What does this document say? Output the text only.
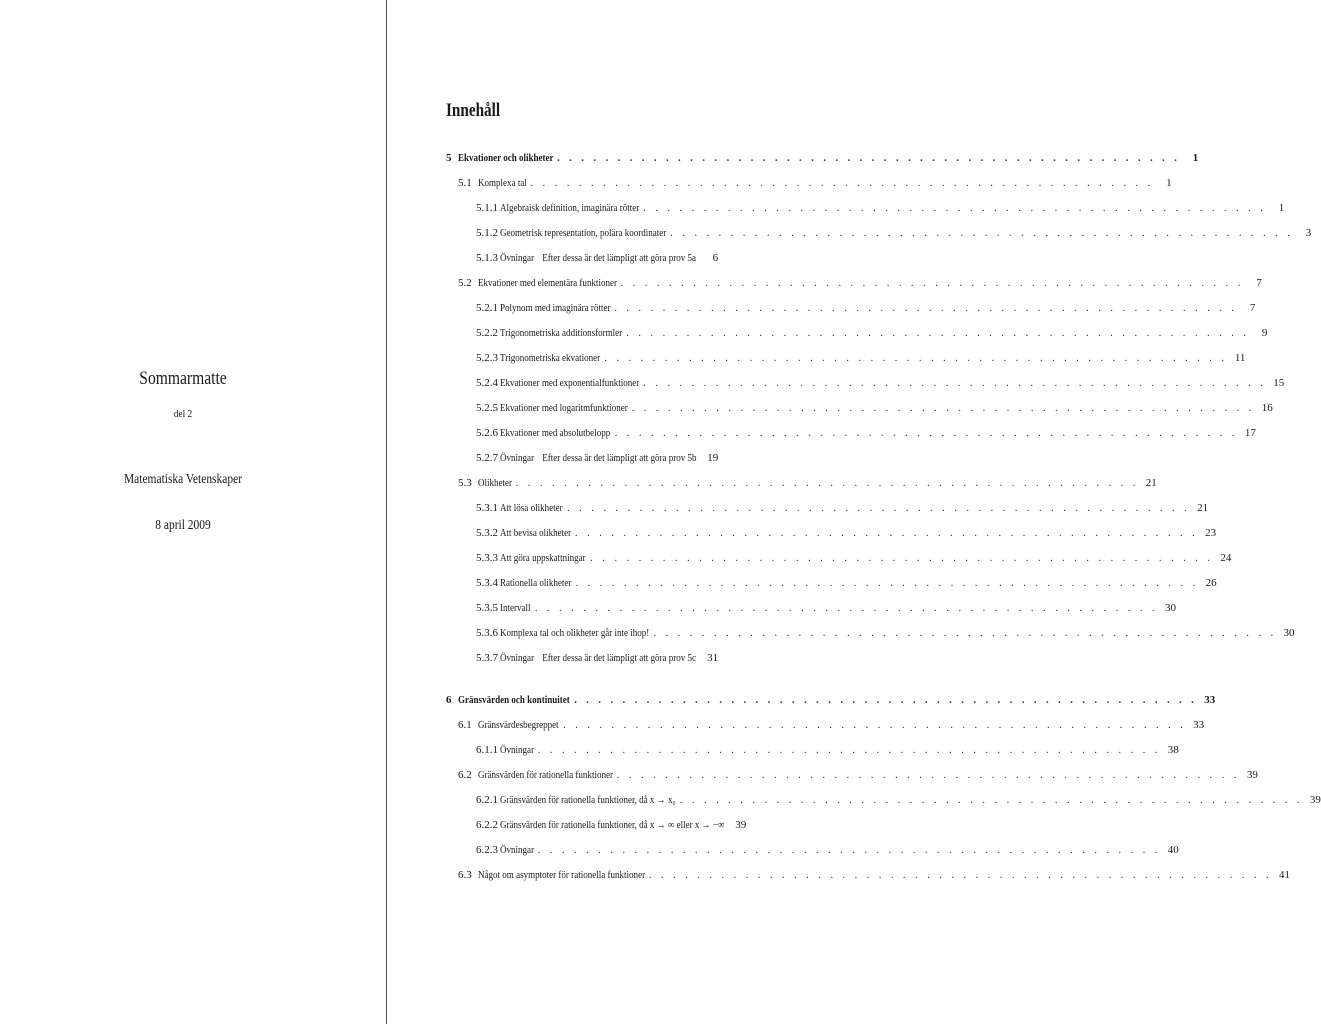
Sommarmatte
del 2
Matematiska Vetenskaper
8 april 2009
Innehåll
5 Ekvationer och olikheter . . . . . . . . . . . . . . . . . . . . . . . . . . . . . . . . . . . . . . . . . . . . . . . . . . . .	1
5.1 Komplexa tal . . . . . . . . . . . . . . . . . . . . . . . . . . . . . . . . . . . . . . . . . . . . . . . . . . . .	1
5.1.1 Algebraisk definition, imaginära rötter . . . . . . . . . . . . . . . . . . . . . . . . . . . . . . . . . . . . . . . . . . . . . . . . . . . .	1
5.1.2 Geometrisk representation, polära koordinater . . . . . . . . . . . . . . . . . . . . . . . . . . . . . . . . . . . . . . . . . . . . . . . . . . . .	3
5.1.3 Övningar Efter dessa är det lämpligt att göra prov 5a	6
5.2 Ekvationer med elementära funktioner . . . . . . . . . . . . . . . . . . . . . . . . . . . . . . . . . . . . . . . . . . . . . . . . . . . .	7
5.2.1 Polynom med imaginära rötter . . . . . . . . . . . . . . . . . . . . . . . . . . . . . . . . . . . . . . . . . . . . . . . . . . . .	7
5.2.2 Trigonometriska additionsformler . . . . . . . . . . . . . . . . . . . . . . . . . . . . . . . . . . . . . . . . . . . . . . . . . . . .	9
5.2.3 Trigonometriska ekvationer . . . . . . . . . . . . . . . . . . . . . . . . . . . . . . . . . . . . . . . . . . . . . . . . . . . . 11
5.2.4 Ekvationer med exponentialfunktioner . . . . . . . . . . . . . . . . . . . . . . . . . . . . . . . . . . . . . . . . . . . . . . . . . . . . 15
5.2.5 Ekvationer med logaritmfunktioner . . . . . . . . . . . . . . . . . . . . . . . . . . . . . . . . . . . . . . . . . . . . . . . . . . . . 16
5.2.6 Ekvationer med absolutbelopp . . . . . . . . . . . . . . . . . . . . . . . . . . . . . . . . . . . . . . . . . . . . . . . . . . . . 17
5.2.7 Övningar Efter dessa är det lämpligt att göra prov 5b 19
5.3 Olikheter . . . . . . . . . . . . . . . . . . . . . . . . . . . . . . . . . . . . . . . . . . . . . . . . . . . . 21
5.3.1 Att lösa olikheter . . . . . . . . . . . . . . . . . . . . . . . . . . . . . . . . . . . . . . . . . . . . . . . . . . . . 21
5.3.2 Att bevisa olikheter . . . . . . . . . . . . . . . . . . . . . . . . . . . . . . . . . . . . . . . . . . . . . . . . . . . . 23
5.3.3 Att göra uppskattningar . . . . . . . . . . . . . . . . . . . . . . . . . . . . . . . . . . . . . . . . . . . . . . . . . . . . 24
5.3.4 Rationella olikheter . . . . . . . . . . . . . . . . . . . . . . . . . . . . . . . . . . . . . . . . . . . . . . . . . . . . 26
5.3.5 Intervall . . . . . . . . . . . . . . . . . . . . . . . . . . . . . . . . . . . . . . . . . . . . . . . . . . . . 30
5.3.6 Komplexa tal och olikheter går inte ihop! . . . . . . . . . . . . . . . . . . . . . . . . . . . . . . . . . . . . . . . . . . . . . . . . . . . . 30
5.3.7 Övningar Efter dessa är det lämpligt att göra prov 5c 31
6 Gränsvärden och kontinuitet . . . . . . . . . . . . . . . . . . . . . . . . . . . . . . . . . . . . . . . . . . . . . . . . . . . . 33
6.1 Gränsvärdesbegreppet . . . . . . . . . . . . . . . . . . . . . . . . . . . . . . . . . . . . . . . . . . . . . . . . . . . . 33
6.1.1 Övningar . . . . . . . . . . . . . . . . . . . . . . . . . . . . . . . . . . . . . . . . . . . . . . . . . . . . 38
6.2 Gränsvärden för rationella funktioner . . . . . . . . . . . . . . . . . . . . . . . . . . . . . . . . . . . . . . . . . . . . . . . . . . . . 39
6.2.1 Gränsvärden för rationella funktioner, då x → x₀ . . . . . . . . . . . . . . . . . . . . . . . . . . . . . . . . . . . . . . . . . . . . . . . . . . . . 39
6.2.2 Gränsvärden för rationella funktioner, då x → ∞ eller x → −∞ 39
6.2.3 Övningar . . . . . . . . . . . . . . . . . . . . . . . . . . . . . . . . . . . . . . . . . . . . . . . . . . . . 40
6.3 Något om asymptoter för rationella funktioner . . . . . . . . . . . . . . . . . . . . . . . . . . . . . . . . . . . . . . . . . . . . . . . . . . . . 41
